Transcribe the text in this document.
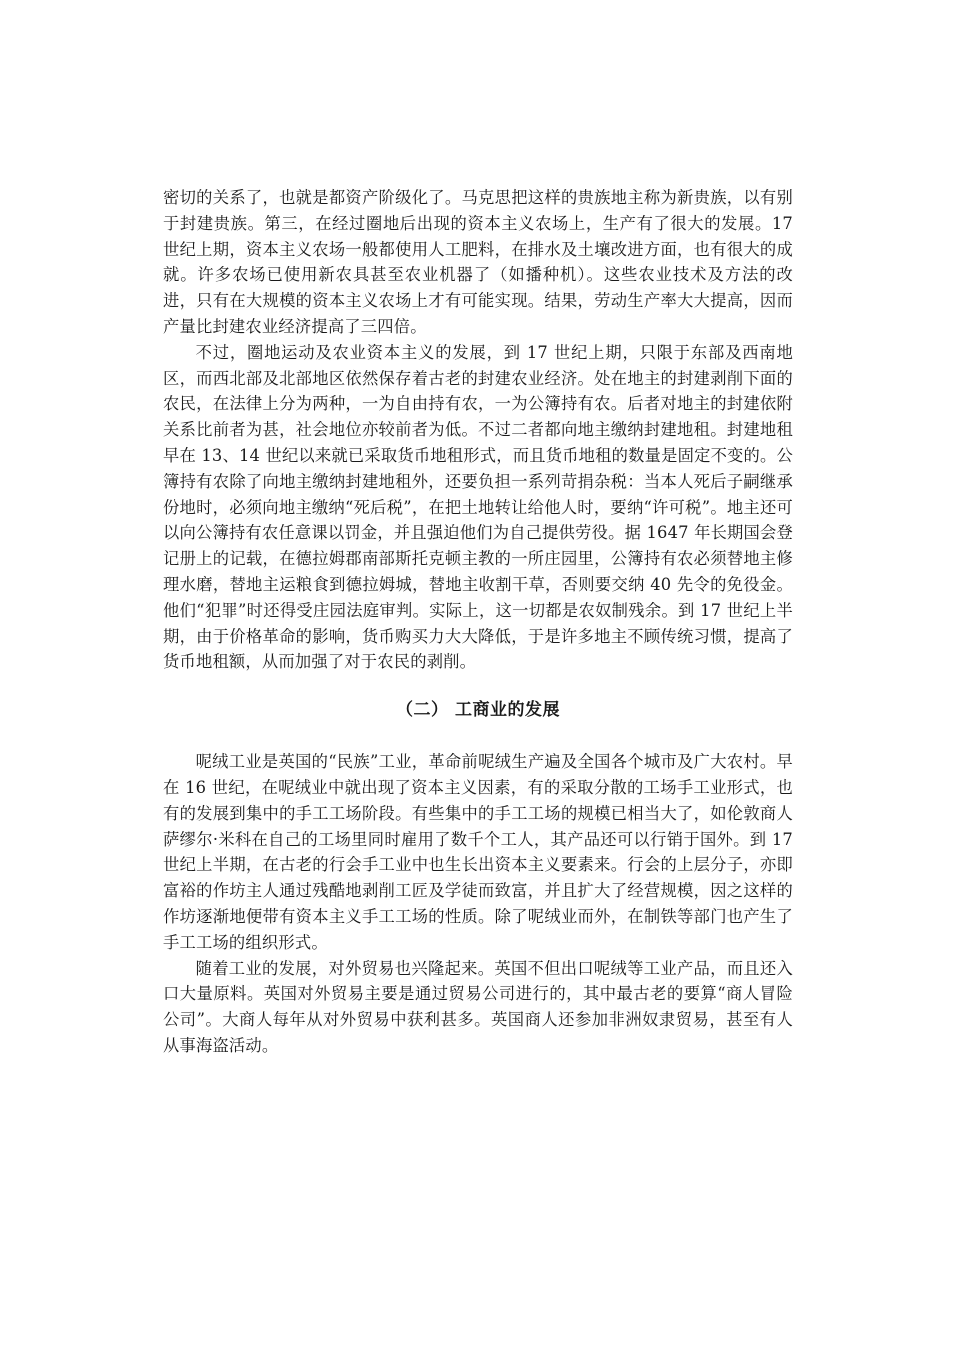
密切的关系了，也就是都资产阶级化了。马克思把这样的贵族地主称为新贵族，以有别于封建贵族。第三，在经过圈地后出现的资本主义农场上，生产有了很大的发展。17 世纪上期，资本主义农场一般都使用人工肥料，在排水及土壤改进方面，也有很大的成就。许多农场已使用新农具甚至农业机器了（如播种机）。这些农业技术及方法的改进，只有在大规模的资本主义农场上才有可能实现。结果，劳动生产率大大提高，因而产量比封建农业经济提高了三四倍。

不过，圈地运动及农业资本主义的发展，到 17 世纪上期，只限于东部及西南地区，而西北部及北部地区依然保存着古老的封建农业经济。处在地主的封建剥削下面的农民，在法律上分为两种，一为自由持有农，一为公簿持有农。后者对地主的封建依附关系比前者为甚，社会地位亦较前者为低。不过二者都向地主缴纳封建地租。封建地租早在 13、14 世纪以来就已采取货币地租形式，而且货币地租的数量是固定不变的。公簿持有农除了向地主缴纳封建地租外，还要负担一系列苛捐杂税：当本人死后子嗣继承份地时，必须向地主缴纳“死后税”，在把土地转让给他人时，要纳“许可税”。地主还可以向公簿持有农任意课以罚金，并且强迫他们为自己提供劳役。据 1647 年长期国会登记册上的记载，在德拉姆郡南部斯托克顿主教的一所庄园里，公簿持有农必须替地主修理水磨，替地主运粮食到德拉姆城，替地主收割干草，否则要交纳 40 先令的免役金。他们“犯罪”时还得受庄园法庭审判。实际上，这一切都是农奴制残余。到 17 世纪上半期，由于价格革命的影响，货币购买力大大降低，于是许多地主不顾传统习惯，提高了货币地租额，从而加强了对于农民的剥削。

（二） 工商业的发展

呢绒工业是英国的“民族”工业，革命前呢绒生产遍及全国各个城市及广大农村。早在 16 世纪，在呢绒业中就出现了资本主义因素，有的采取分散的工场手工业形式，也有的发展到集中的手工工场阶段。有些集中的手工工场的规模已相当大了，如伦敦商人萨缪尔·米科在自己的工场里同时雇用了数千个工人，其产品还可以行销于国外。到 17 世纪上半期，在古老的行会手工业中也生长出资本主义要素来。行会的上层分子，亦即富裕的作坊主人通过残酷地剥削工匠及学徒而致富，并且扩大了经营规模，因之这样的作坊逐渐地便带有资本主义手工工场的性质。除了呢绒业而外，在制铁等部门也产生了手工工场的组织形式。

随着工业的发展，对外贸易也兴隆起来。英国不但出口呢绒等工业产品，而且还入口大量原料。英国对外贸易主要是通过贸易公司进行的，其中最古老的要算“商人冒险公司”。大商人每年从对外贸易中获利甚多。英国商人还参加非洲奴隶贸易，甚至有人从事海盗活动。
